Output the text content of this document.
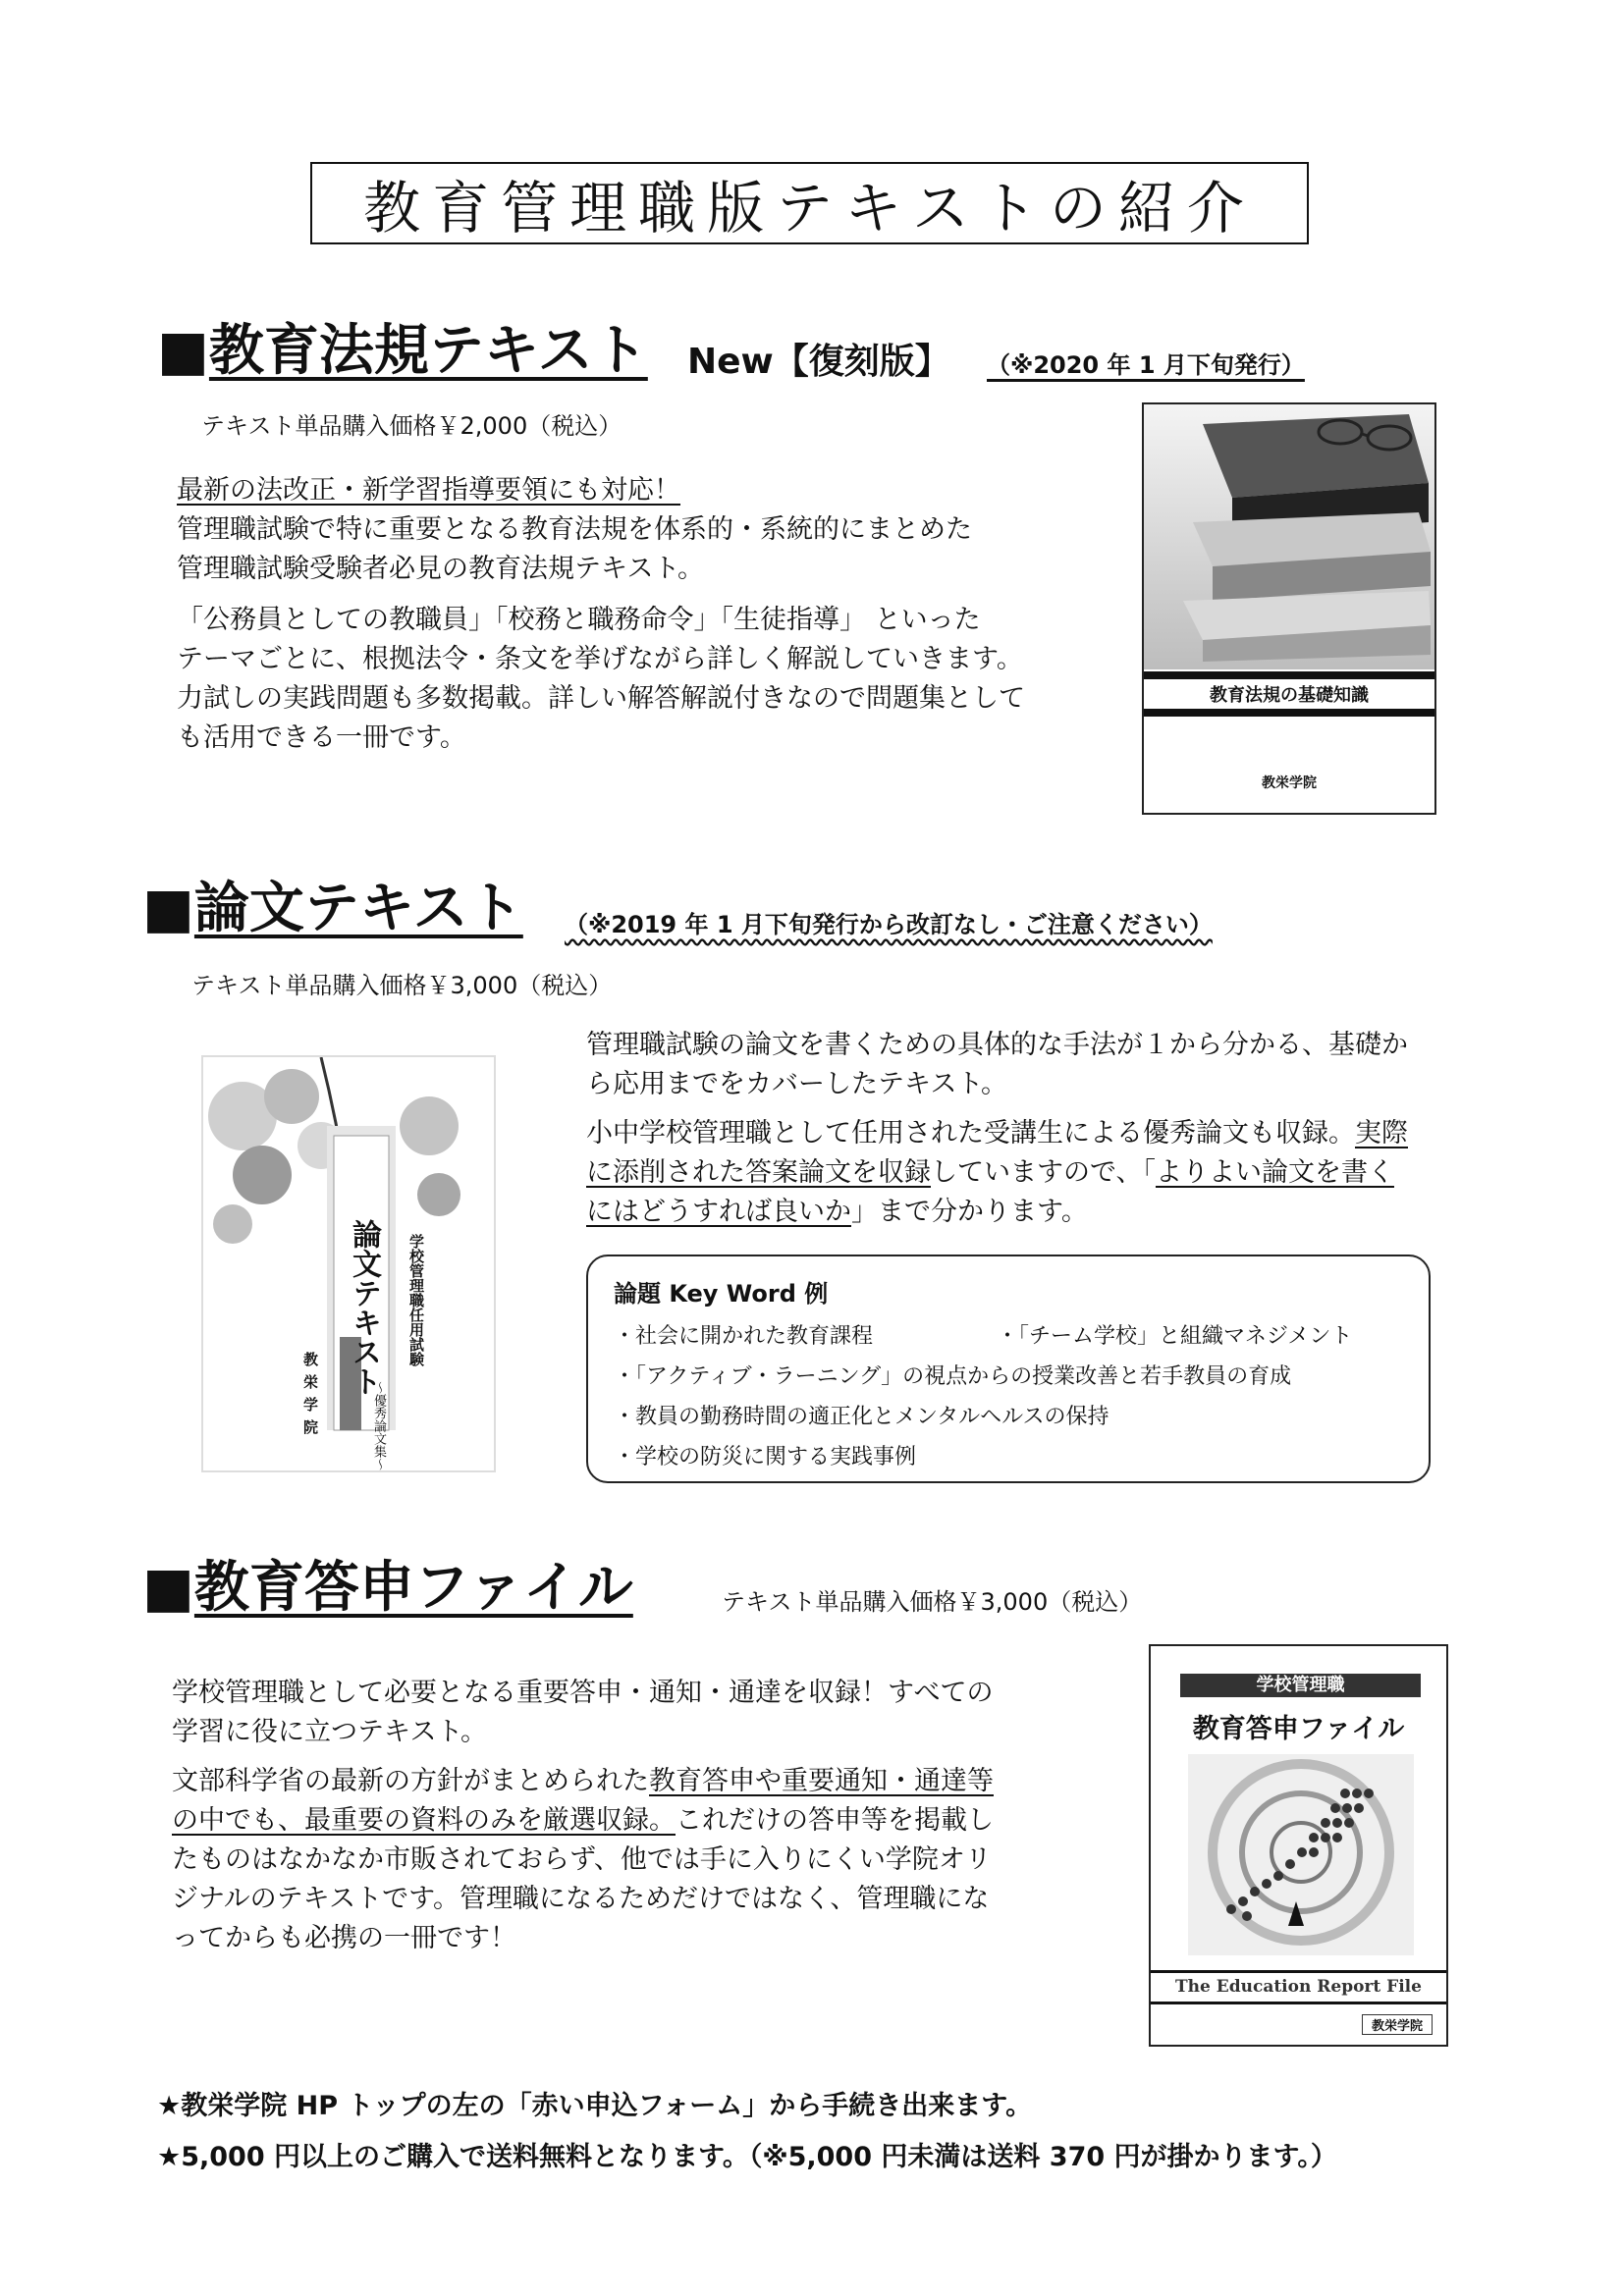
教育管理職版テキストの紹介
■教育法規テキスト New【復刻版】 （※2020 年 1 月下旬発行）
テキスト単品購入価格￥2,000（税込）

最新の法改正・新学習指導要領にも対応！
管理職試験で特に重要となる教育法規を体系的・系統的にまとめた
管理職試験受験者必見の教育法規テキスト。

「公務員としての教職員」「校務と職務命令」「生徒指導」 といった
テーマごとに、根拠法令・条文を挙げながら詳しく解説していきます。
力試しの実践問題も多数掲載。詳しい解答解説付きなので問題集として
も活用できる一冊です。

教育法規の基礎知識
教栄学院
■論文テキスト （※2019 年 1 月下旬発行から改訂なし・ご注意ください）
テキスト単品購入価格￥3,000（税込）

管理職試験の論文を書くための具体的な手法が１から分かる、基礎か
ら応用までをカバーしたテキスト。

小中学校管理職として任用された受講生による優秀論文も収録。実際
に添削された答案論文を収録していますので、「よりよい論文を書く
にはどうすれば良いか」まで分かります。

学校管理職任用試験
論文テキスト
〜優秀論文集〜
教栄学院
論題 Key Word 例
・社会に開かれた教育課程	・「チーム学校」と組織マネジメント
・「アクティブ・ラーニング」の視点からの授業改善と若手教員の育成
・教員の勤務時間の適正化とメンタルヘルスの保持
・学校の防災に関する実践事例
■教育答申ファイル	テキスト単品購入価格￥3,000（税込）

学校管理職として必要となる重要答申・通知・通達を収録！すべての
学習に役に立つテキスト。

文部科学省の最新の方針がまとめられた教育答申や重要通知・通達等
の中でも、最重要の資料のみを厳選収録。これだけの答申等を掲載し
たものはなかなか市販されておらず、他では手に入りにくい学院オリ
ジナルのテキストです。管理職になるためだけではなく、管理職にな
ってからも必携の一冊です！

学校管理職
教育答申ファイル
The Education Report File
教栄学院
★教栄学院 HP トップの左の「赤い申込フォーム」から手続き出来ます。
★5,000 円以上のご購入で送料無料となります。（※5,000 円未満は送料 370 円が掛かります。）
